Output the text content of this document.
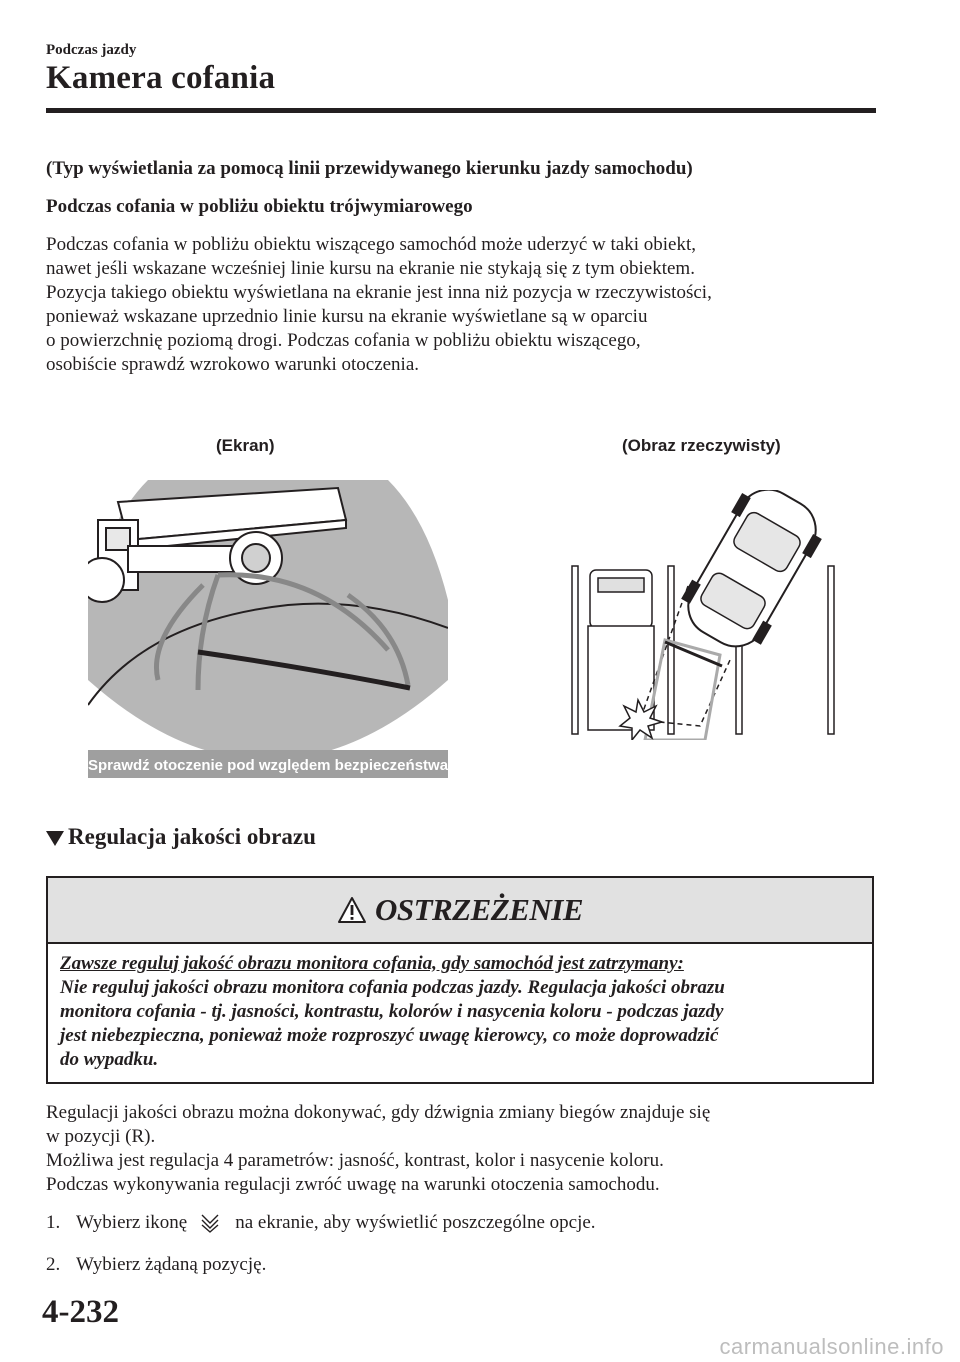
Podczas jazdy
Kamera cofania
(Typ wyświetlania za pomocą linii przewidywanego kierunku jazdy samochodu)
Podczas cofania w pobliżu obiektu trójwymiarowego
Podczas cofania w pobliżu obiektu wiszącego samochód może uderzyć w taki obiekt,
nawet jeśli wskazane wcześniej linie kursu na ekranie nie stykają się z tym obiektem.
Pozycja takiego obiektu wyświetlana na ekranie jest inna niż pozycja w rzeczywistości,
ponieważ wskazane uprzednio linie kursu na ekranie wyświetlane są w oparciu
o powierzchnię poziomą drogi. Podczas cofania w pobliżu obiektu wiszącego,
osobiście sprawdź wzrokowo warunki otoczenia.
(Ekran)	(Obraz rzeczywisty)
Sprawdź otoczenie pod względem bezpieczeństwa
Regulacja jakości obrazu
OSTRZEŻENIE
Zawsze reguluj jakość obrazu monitora cofania, gdy samochód jest zatrzymany:
Nie reguluj jakości obrazu monitora cofania podczas jazdy. Regulacja jakości obrazu
monitora cofania - tj. jasności, kontrastu, kolorów i nasycenia koloru - podczas jazdy
jest niebezpieczna, ponieważ może rozproszyć uwagę kierowcy, co może doprowadzić
do wypadku.
Regulacji jakości obrazu można dokonywać, gdy dźwignia zmiany biegów znajduje się
w pozycji (R).
Możliwa jest regulacja 4 parametrów: jasność, kontrast, kolor i nasycenie koloru.
Podczas wykonywania regulacji zwróć uwagę na warunki otoczenia samochodu.
1. Wybierz ikonę	na ekranie, aby wyświetlić poszczególne opcje.
2. Wybierz żądaną pozycję.
4-232
carmanualsonline.info
